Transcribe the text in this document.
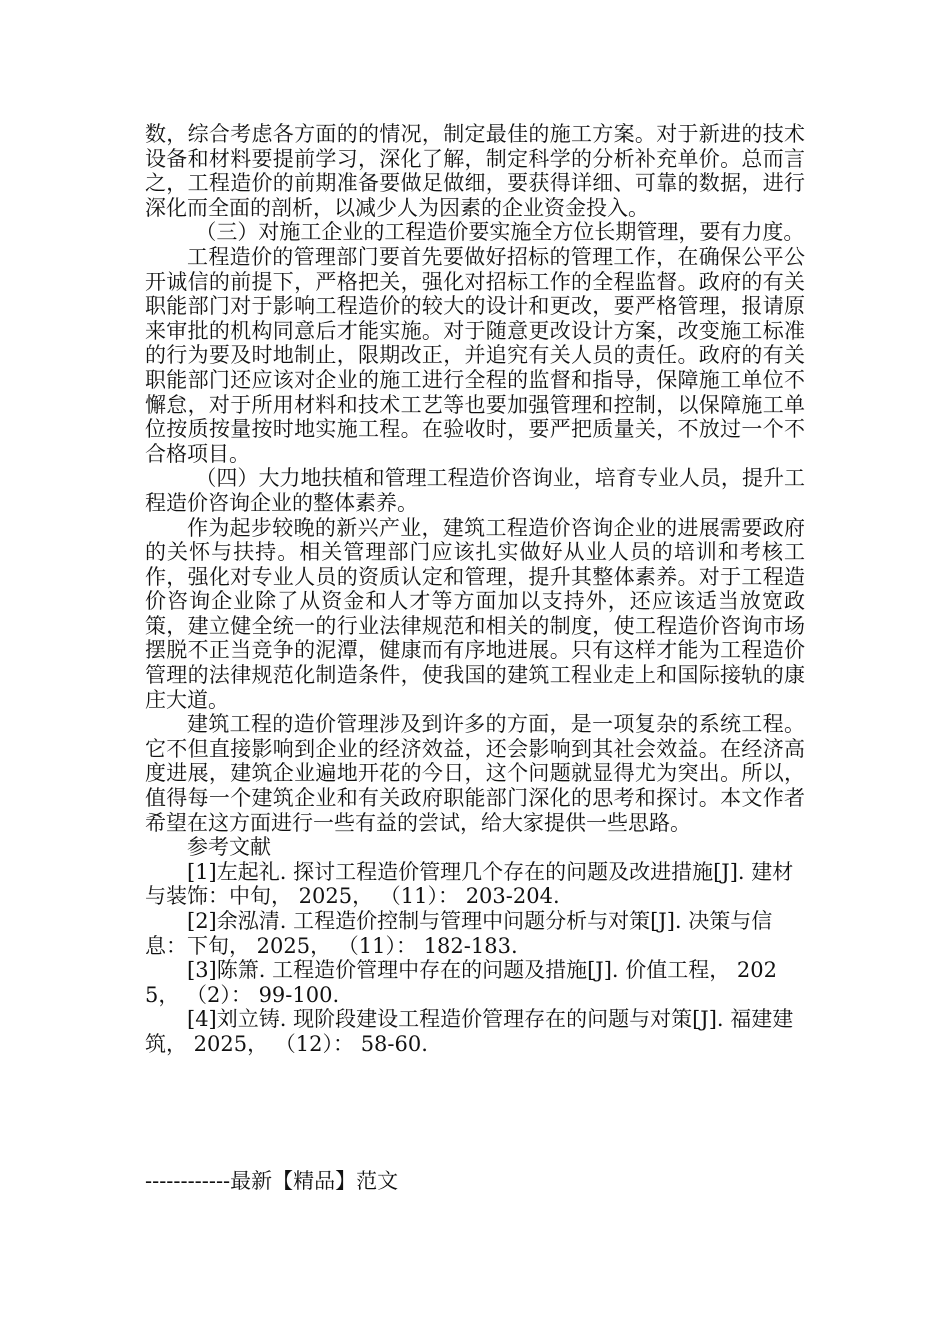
数，综合考虑各方面的的情况，制定最佳的施工方案。对于新进的技术设备和材料要提前学习，深化了解，制定科学的分析补充单价。总而言之，工程造价的前期准备要做足做细，要获得详细、可靠的数据，进行深化而全面的剖析，以减少人为因素的企业资金投入。

（三）对施工企业的工程造价要实施全方位长期管理，要有力度。

工程造价的管理部门要首先要做好招标的管理工作，在确保公平公开诚信的前提下，严格把关，强化对招标工作的全程监督。政府的有关职能部门对于影响工程造价的较大的设计和更改，要严格管理，报请原来审批的机构同意后才能实施。对于随意更改设计方案，改变施工标准的行为要及时地制止，限期改正，并追究有关人员的责任。政府的有关职能部门还应该对企业的施工进行全程的监督和指导，保障施工单位不懈怠，对于所用材料和技术工艺等也要加强管理和控制，以保障施工单位按质按量按时地实施工程。在验收时，要严把质量关，不放过一个不合格项目。

（四）大力地扶植和管理工程造价咨询业，培育专业人员，提升工程造价咨询企业的整体素养。

作为起步较晚的新兴产业，建筑工程造价咨询企业的进展需要政府的关怀与扶持。相关管理部门应该扎实做好从业人员的培训和考核工作，强化对专业人员的资质认定和管理，提升其整体素养。对于工程造价咨询企业除了从资金和人才等方面加以支持外，还应该适当放宽政策，建立健全统一的行业法律规范和相关的制度，使工程造价咨询市场摆脱不正当竞争的泥潭，健康而有序地进展。只有这样才能为工程造价管理的法律规范化制造条件，使我国的建筑工程业走上和国际接轨的康庄大道。

建筑工程的造价管理涉及到许多的方面，是一项复杂的系统工程。它不但直接影响到企业的经济效益，还会影响到其社会效益。在经济高度进展，建筑企业遍地开花的今日，这个问题就显得尤为突出。所以，值得每一个建筑企业和有关政府职能部门深化的思考和探讨。本文作者希望在这方面进行一些有益的尝试，给大家提供一些思路。

参考文献

[1]左起礼. 探讨工程造价管理几个存在的问题及改进措施[J]. 建材与装饰：中旬， 2025， （11）： 203-204.

[2]余泓清. 工程造价控制与管理中问题分析与对策[J]. 决策与信息：下旬， 2025， （11）： 182-183.

[3]陈箫. 工程造价管理中存在的问题及措施[J]. 价值工程， 2025， （2）： 99-100.

[4]刘立铸. 现阶段建设工程造价管理存在的问题与对策[J]. 福建建筑， 2025， （12）： 58-60.

------------最新【精品】范文
